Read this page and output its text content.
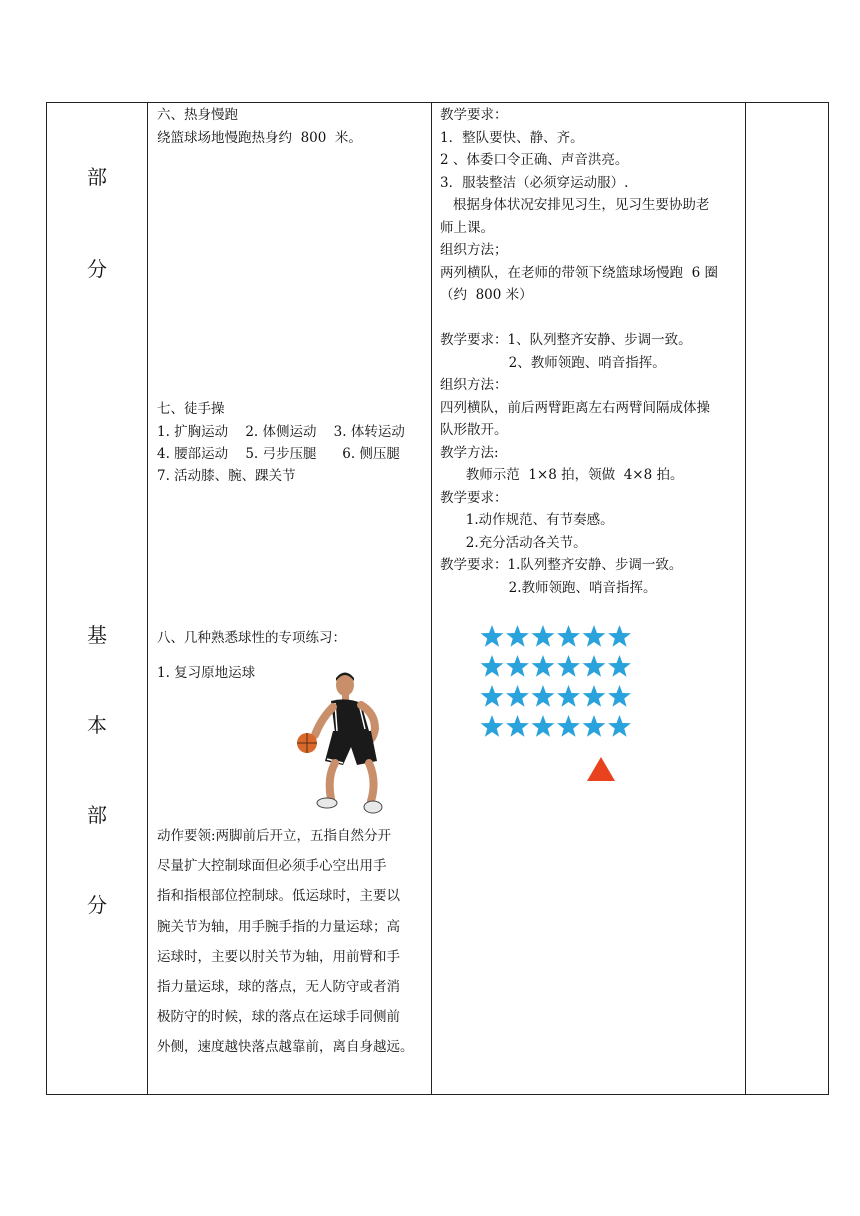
部
分
基
本
部
分
六、热身慢跑
绕篮球场地慢跑热身约  800  米。
七、徒手操
1. 扩胸运动    2. 体侧运动    3. 体转运动
4. 腰部运动    5. 弓步压腿      6. 侧压腿
7. 活动膝、腕、踝关节
八、几种熟悉球性的专项练习：
1. 复习原地运球
动作要领:两脚前后开立，五指自然分开
尽量扩大控制球面但必须手心空出用手
指和指根部位控制球。低运球时，主要以
腕关节为轴，用手腕手指的力量运球；高
运球时，主要以肘关节为轴，用前臂和手
指力量运球，球的落点，无人防守或者消
极防守的时候，球的落点在运球手同侧前
外侧，速度越快落点越靠前，离自身越远。
教学要求：
1．整队要快、静、齐。
2 、体委口令正确、声音洪亮。
3．服装整洁（必须穿运动服）.
根据身体状况安排见习生，见习生要协助老
师上课。
组织方法；
两列横队，在老师的带领下绕篮球场慢跑  6 圈
（约  800 米）
教学要求：1、队列整齐安静、步调一致。
2、教师领跑、哨音指挥。
组织方法：
四列横队，前后两臂距离左右两臂间隔成体操
队形散开。
教学方法:
教师示范  1×8 拍，领做  4×8 拍。
教学要求：
1.动作规范、有节奏感。
2.充分活动各关节。
教学要求：1.队列整齐安静、步调一致。
2.教师领跑、哨音指挥。
